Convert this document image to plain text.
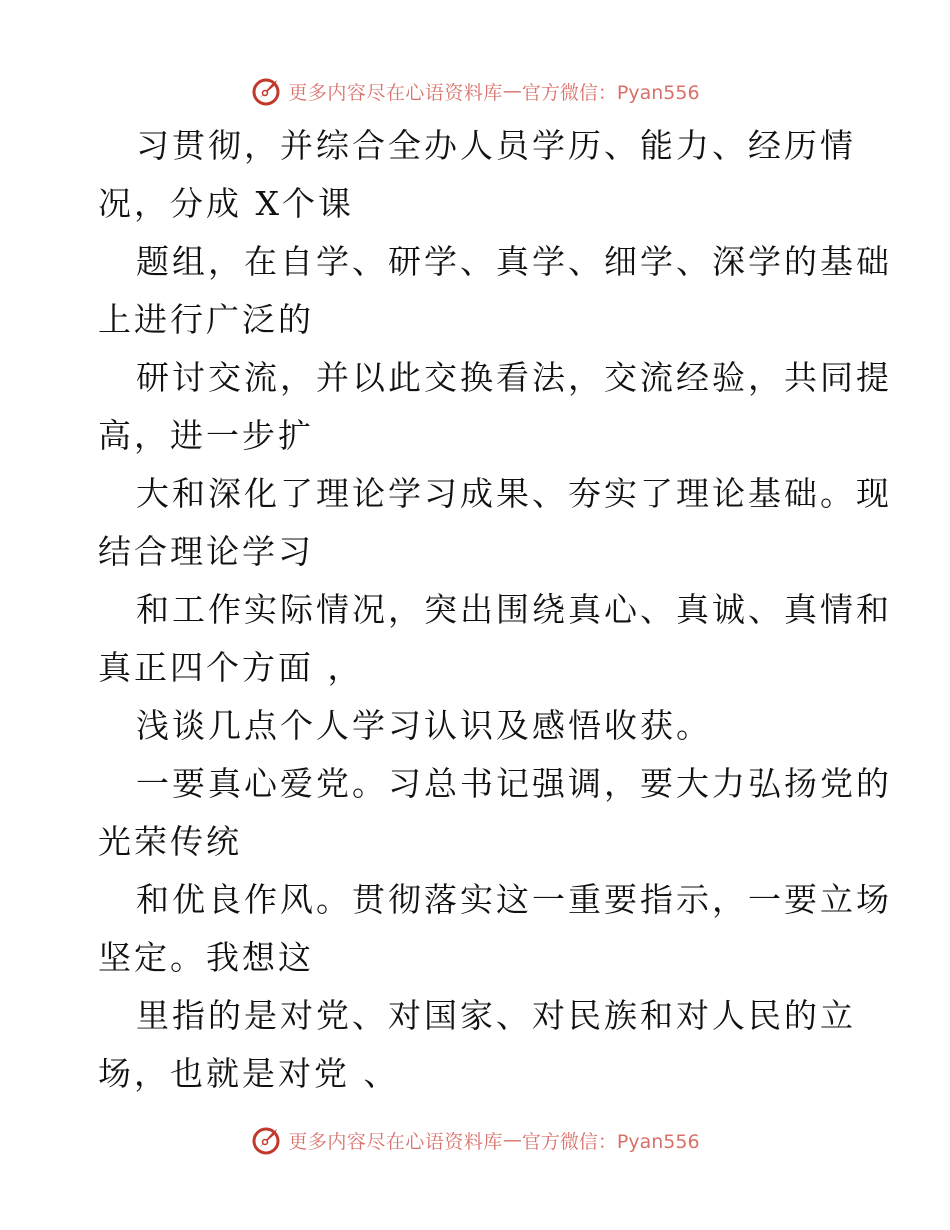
更多内容尽在心语资料库 — 官方微信：Pyan556
习贯彻，并综合全办人员学历、能力、经历情
况，分成 X个课
题组，在自学、研学、真学、细学、深学的基础
上进行广泛的
研讨交流，并以此交换看法，交流经验，共同提
高，进一步扩
大和深化了理论学习成果、夯实了理论基础。现
结合理论学习
和工作实际情况，突出围绕真心、真诚、真情和
真正四个方面 ，
浅谈几点个人学习认识及感悟收获。
一要真心爱党。习总书记强调，要大力弘扬党的
光荣传统
和优良作风。贯彻落实这一重要指示，一要立场
坚定。我想这
里指的是对党、对国家、对民族和对人民的立
场，也就是对党 、
更多内容尽在心语资料库 — 官方微信：Pyan556
